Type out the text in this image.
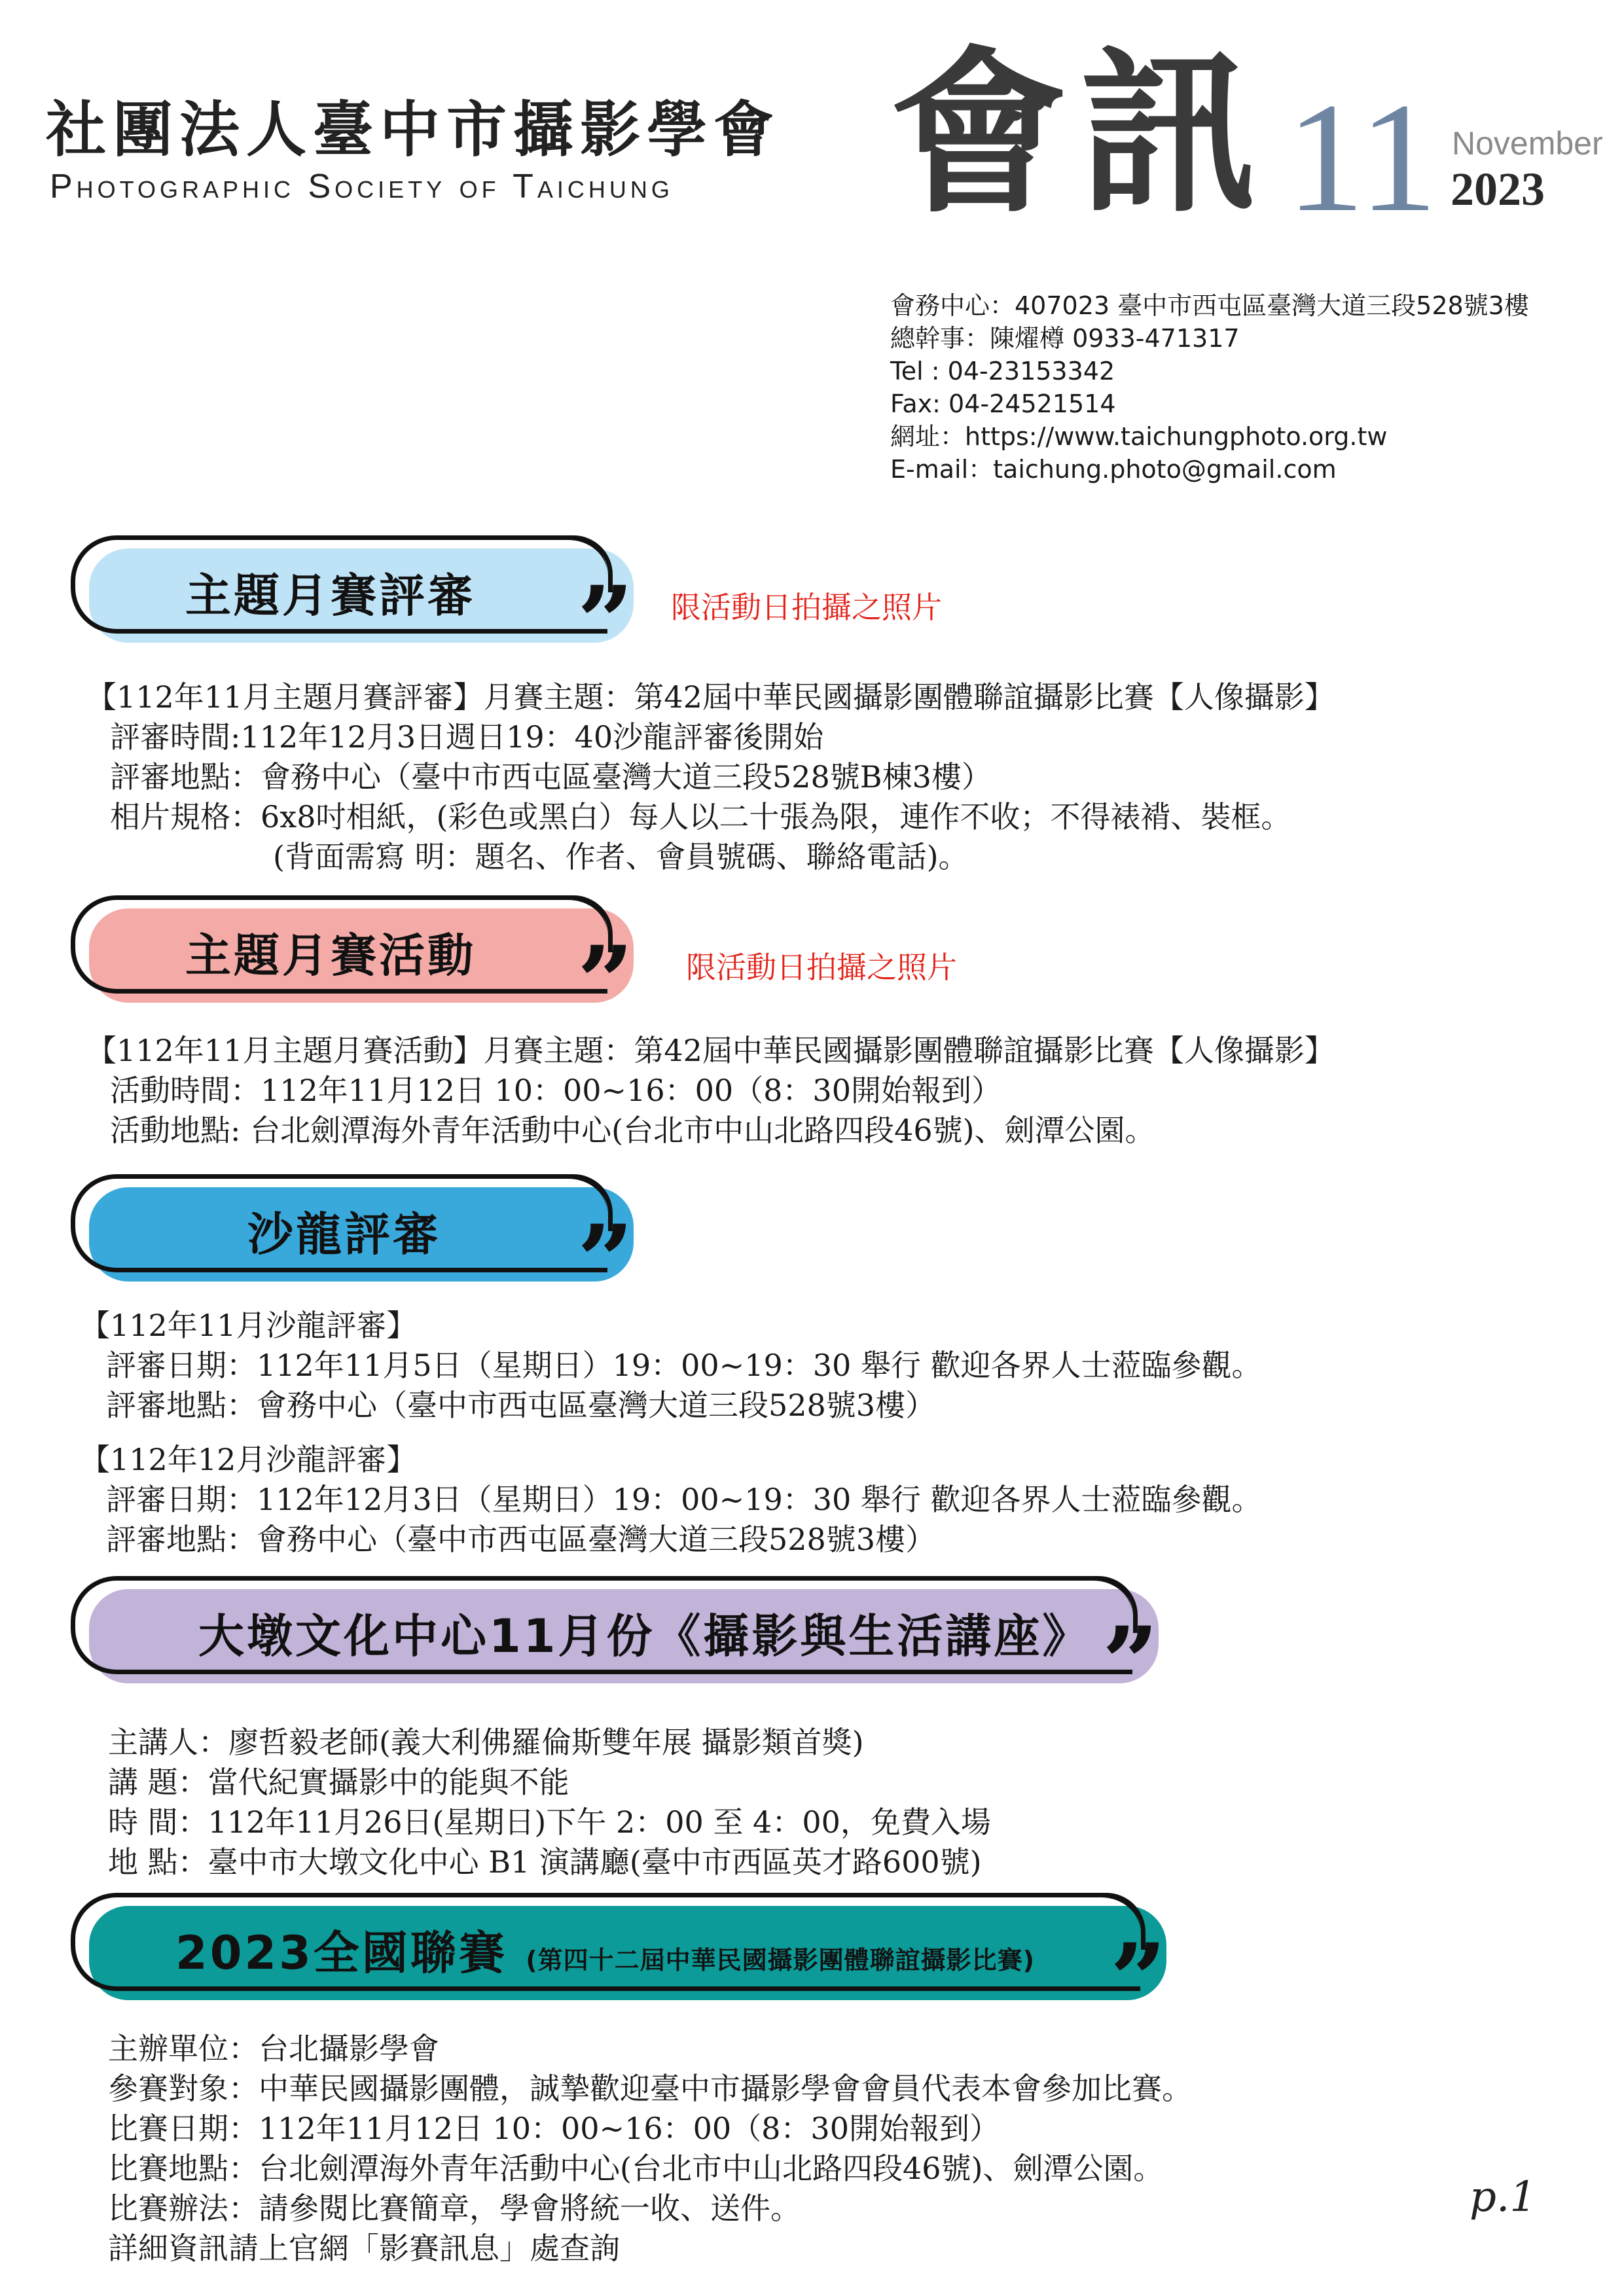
社團法人臺中市攝影學會
Photographic Society of Taichung 會訊 11 November
2023
會務中心：407023 臺中市西屯區臺灣大道三段528號3樓
總幹事：陳燿樽 0933-471317
Tel : 04-23153342
Fax: 04-24521514
網址：https://www.taichungphoto.org.tw
E-mail：taichung.photo@gmail.com
主題月賽評審 ” 限活動日拍攝之照片
【112年11月主題月賽評審】月賽主題：第42屆中華民國攝影團體聯誼攝影比賽【人像攝影】
評審時間:112年12月3日週日19：40沙龍評審後開始
評審地點：會務中心（臺中市西屯區臺灣大道三段528號B棟3樓）
相片規格：6x8吋相紙，(彩色或黑白）每人以二十張為限，連作不收；不得裱褙、裝框。
(背面需寫 明：題名、作者、會員號碼、聯絡電話)。
主題月賽活動 ” 限活動日拍攝之照片
【112年11月主題月賽活動】月賽主題：第42屆中華民國攝影團體聯誼攝影比賽【人像攝影】
活動時間：112年11月12日 10：00~16：00（8：30開始報到）
活動地點: 台北劍潭海外青年活動中心(台北市中山北路四段46號)、劍潭公園。
沙龍評審 ”
【112年11月沙龍評審】
評審日期：112年11月5日（星期日）19：00~19：30 舉行 歡迎各界人士蒞臨參觀。
評審地點：會務中心（臺中市西屯區臺灣大道三段528號3樓）
【112年12月沙龍評審】
評審日期：112年12月3日（星期日）19：00~19：30 舉行 歡迎各界人士蒞臨參觀。
評審地點：會務中心（臺中市西屯區臺灣大道三段528號3樓）
大墩文化中心11月份《攝影與生活講座》 ”
主講人：廖哲毅老師(義大利佛羅倫斯雙年展 攝影類首獎)
講 題：當代紀實攝影中的能與不能
時 間：112年11月26日(星期日)下午 2：00 至 4：00，免費入場
地 點：臺中市大墩文化中心 B1 演講廳(臺中市西區英才路600號)
2023全國聯賽 (第四十二屆中華民國攝影團體聯誼攝影比賽) ”
主辦單位：台北攝影學會
參賽對象：中華民國攝影團體，誠摯歡迎臺中市攝影學會會員代表本會參加比賽。
比賽日期：112年11月12日 10：00~16：00（8：30開始報到）
比賽地點：台北劍潭海外青年活動中心(台北市中山北路四段46號)、劍潭公園。
比賽辦法：請參閱比賽簡章，學會將統一收、送件。
詳細資訊請上官網「影賽訊息」處查詢
p.1
